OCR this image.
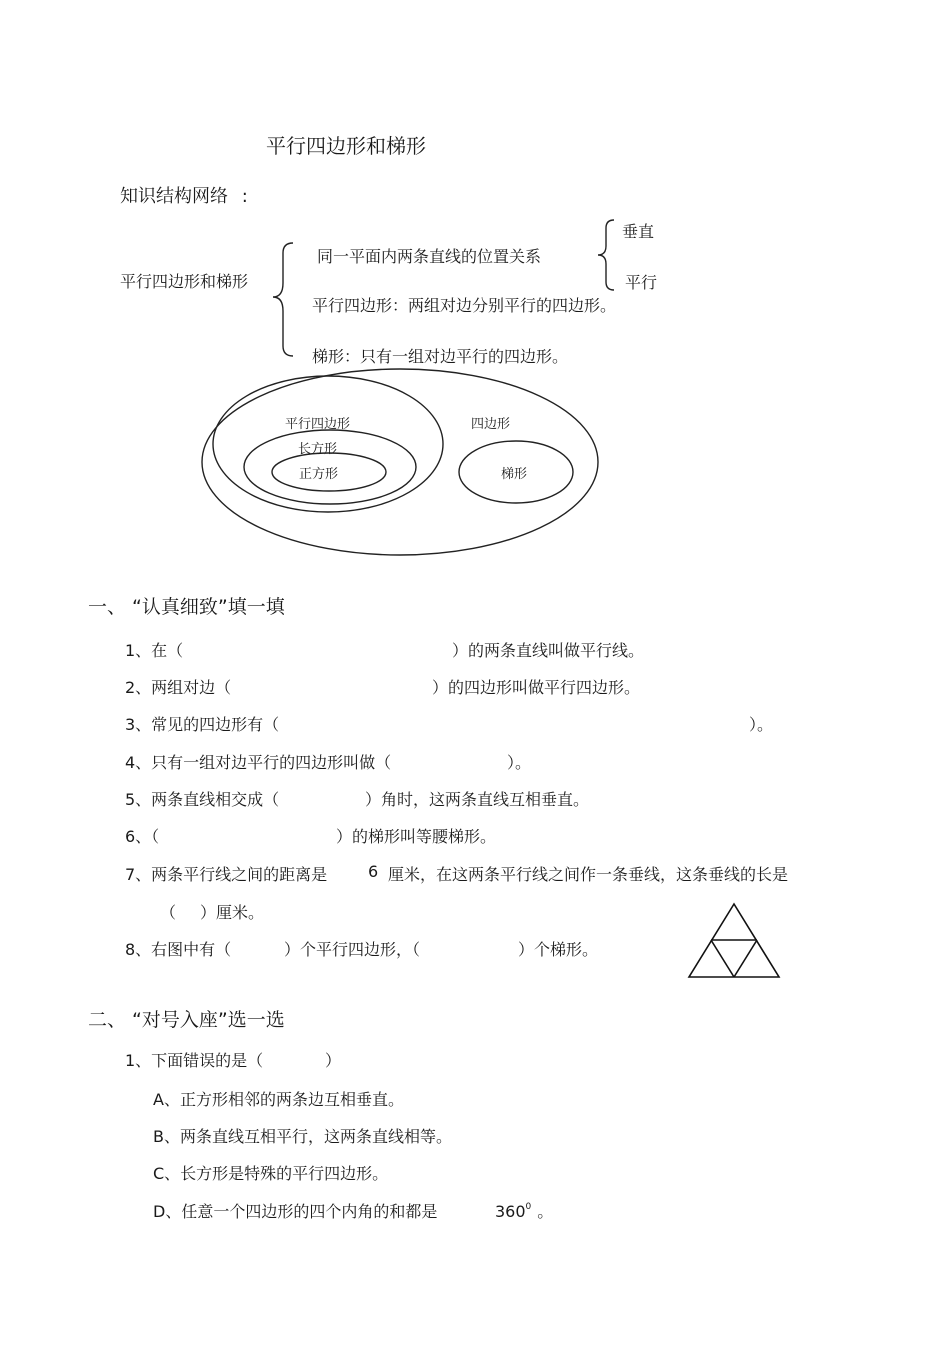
平行四边形和梯形
知识结构网络 :
平行四边形和梯形
同一平面内两条直线的位置关系
垂直
平行
平行四边形：两组对边分别平行的四边形。
梯形：只有一组对边平行的四边形。
平行四边形
长方形
正方形
四边形
梯形
一、 “认真细致”填一填
1、在（	）的两条直线叫做平行线。
2、两组对边（	）的四边形叫做平行四边形。
3、常见的四边形有（	）。
4、只有一组对边平行的四边形叫做（	）。
5、两条直线相交成（	）角时，这两条直线互相垂直。
6、（	）的梯形叫等腰梯形。
7、两条平行线之间的距离是	6 厘米，在这两条平行线之间作一条垂线，这条垂线的长是
（ ）厘米。
8、右图中有（	）个平行四边形，（	）个梯形。
二、 “对号入座”选一选
1、下面错误的是（	）
A、正方形相邻的两条边互相垂直。
B、两条直线互相平行，这两条直线相等。
C、长方形是特殊的平行四边形。
D、任意一个四边形的四个内角的和都是	$360^0$ 。
